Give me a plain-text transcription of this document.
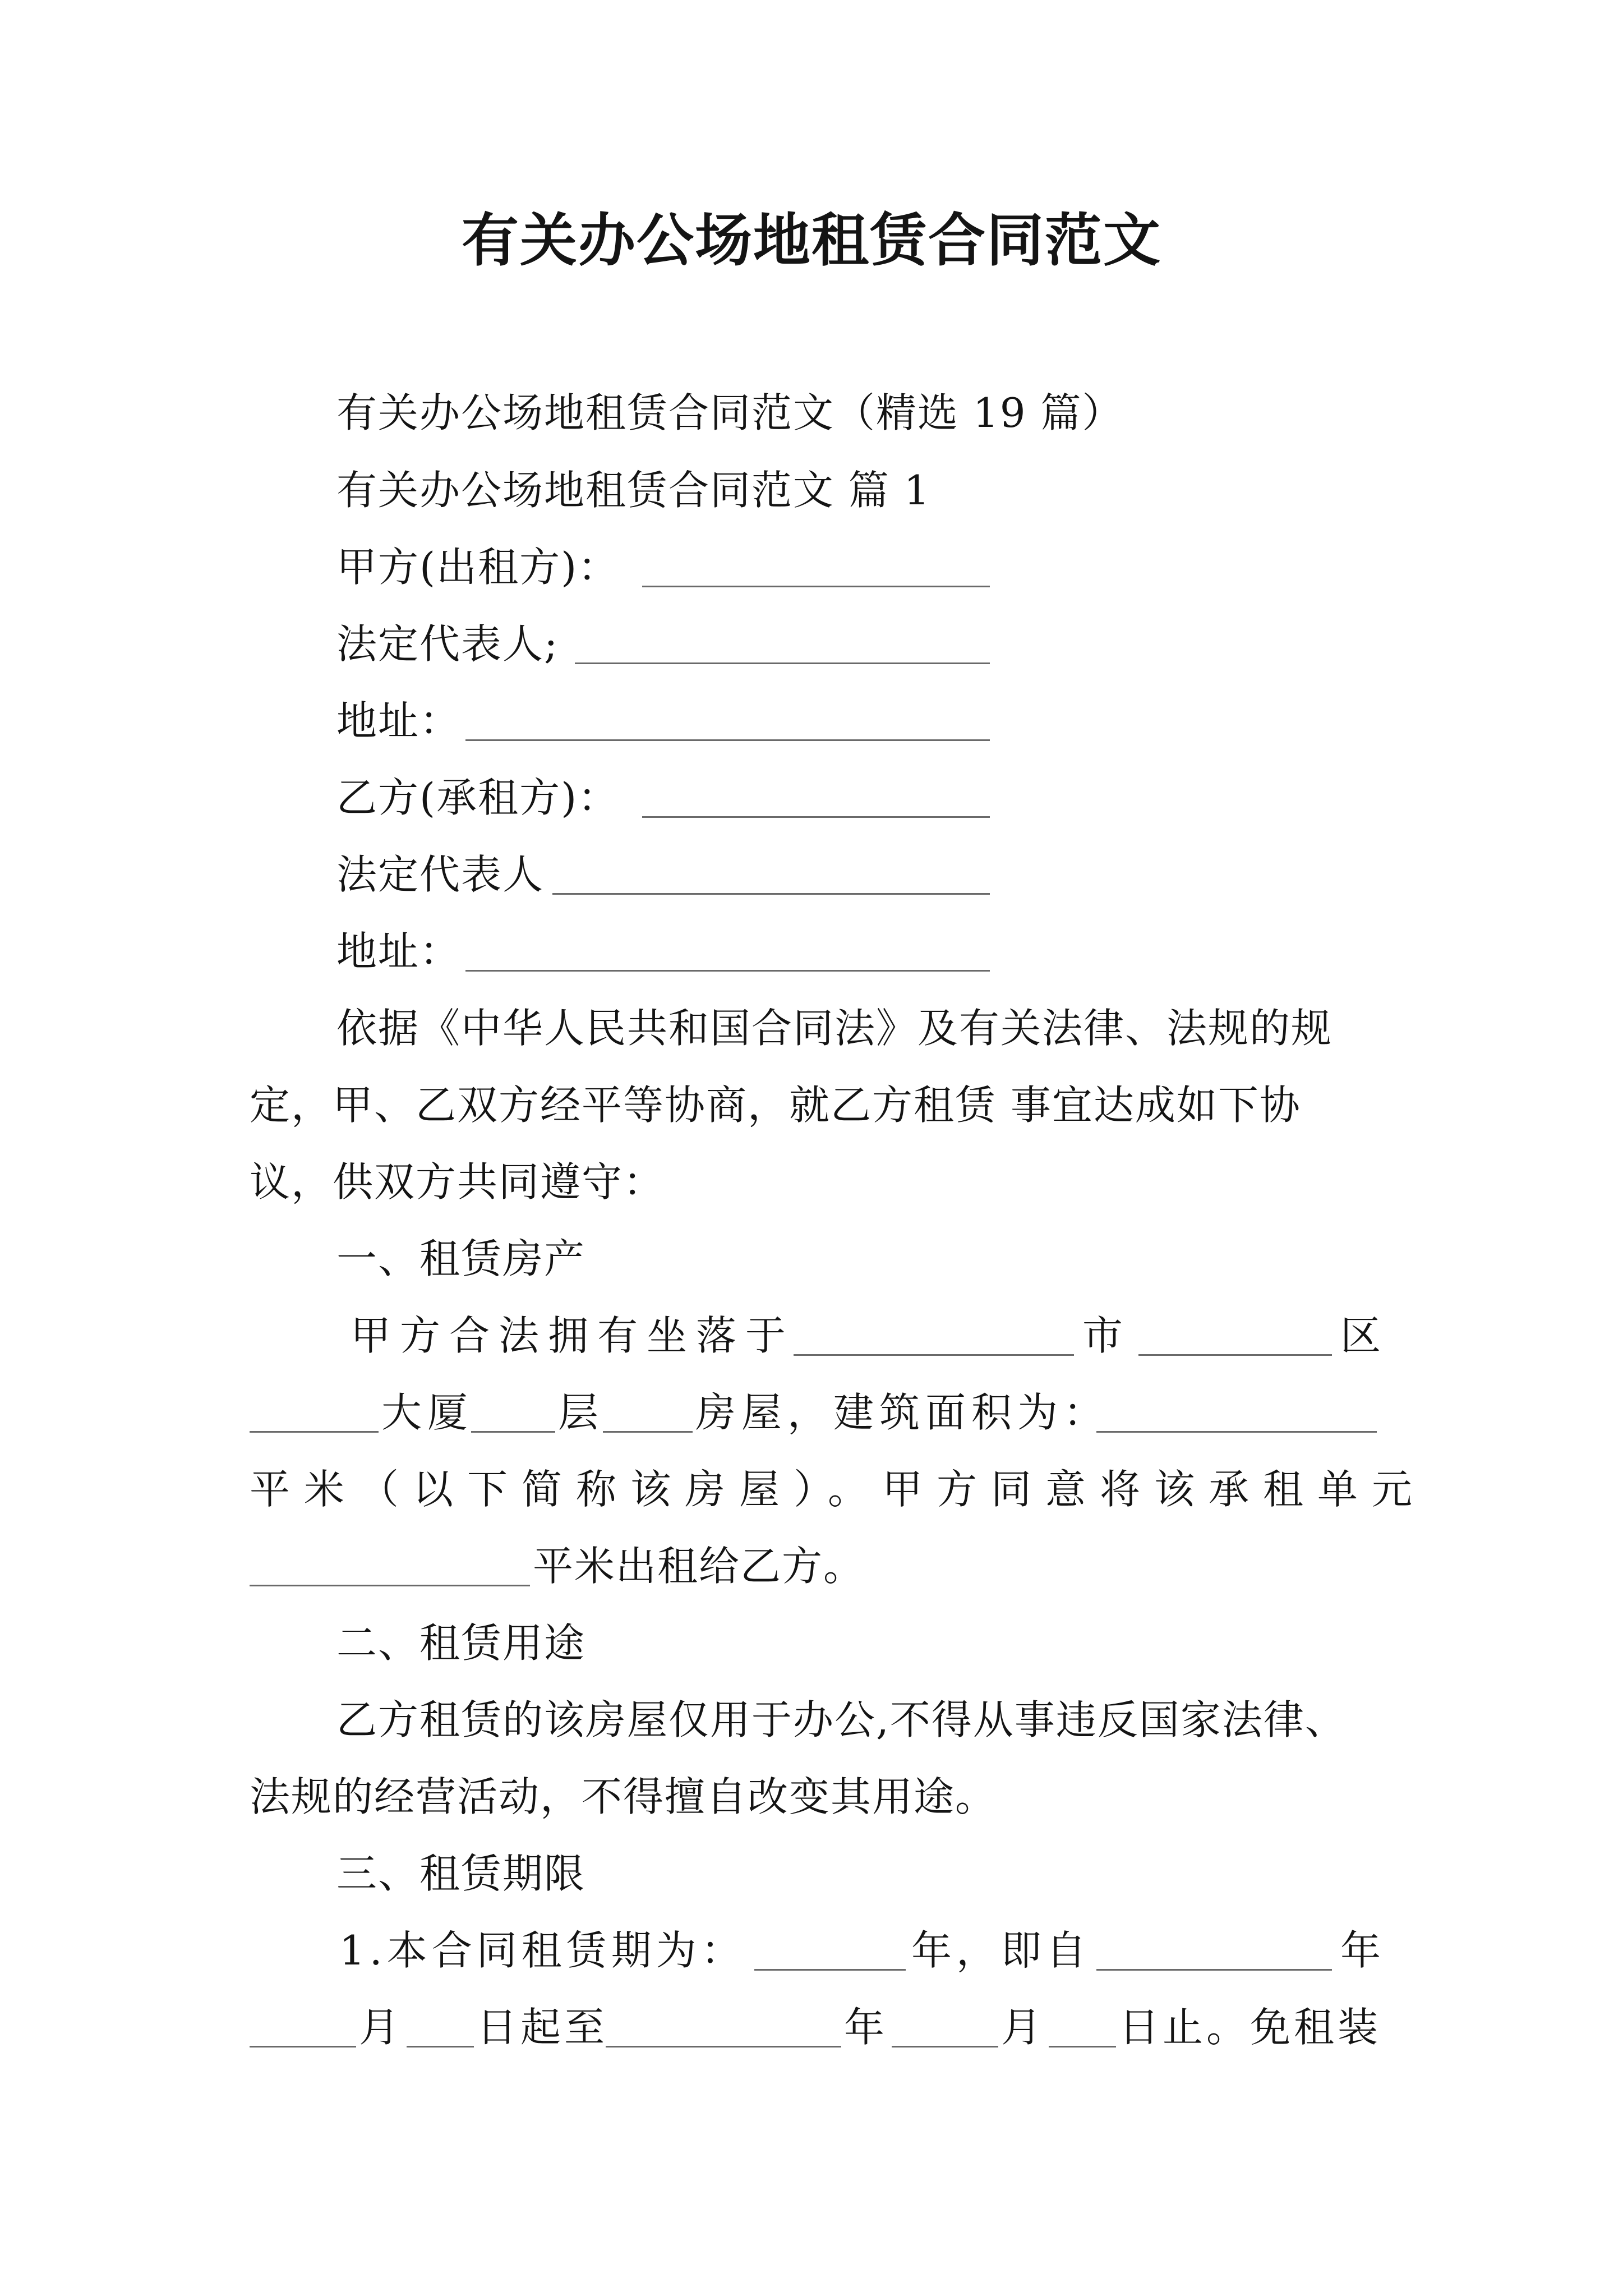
有关办公场地租赁合同范文
有关办公场地租赁合同范文（精选 19 篇）
有关办公场地租赁合同范文 篇 1
甲方(出租方)：
法定代表人;
地址：
乙方(承租方)：
法定代表人
地址：
依据《中华人民共和国合同法》及有关法律、法规的规
定，甲、乙双方经平等协商，就乙方租赁 事宜达成如下协
议，供双方共同遵守：
一、租赁房产
甲方合法拥有坐落于	市	区
大厦 层 房屋，建筑面积为：
平米（以下简称该房屋）。甲方同意将该承租单元
平米出租给乙方。
二、租赁用途
乙方租赁的该房屋仅用于办公,不得从事违反国家法律、
法规的经营活动，不得擅自改变其用途。
三、租赁期限
1.本合同租赁期为：	年，即自	年
月 日起至	年	月 日止。免租装
